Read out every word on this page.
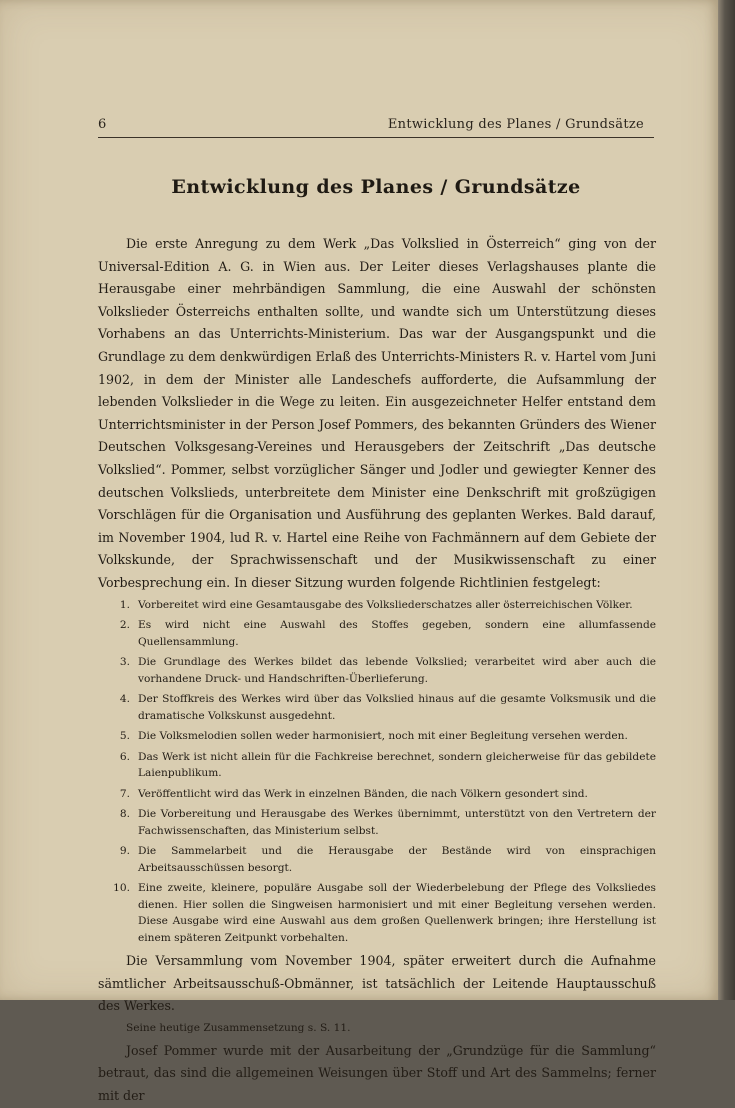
6	Entwicklung des Planes / Grundsätze
Entwicklung des Planes / Grundsätze

Die erste Anregung zu dem Werk „Das Volkslied in Österreich“ ging von der Universal-Edition A. G. in Wien aus. Der Leiter dieses Verlagshauses plante die Herausgabe einer mehrbändigen Sammlung, die eine Auswahl der schönsten Volkslieder Österreichs enthalten sollte, und wandte sich um Unterstützung dieses Vorhabens an das Unterrichts-Ministerium. Das war der Ausgangspunkt und die Grundlage zu dem denkwürdigen Erlaß des Unterrichts-Ministers R. v. Hartel vom Juni 1902, in dem der Minister alle Landeschefs aufforderte, die Aufsammlung der lebenden Volkslieder in die Wege zu leiten. Ein ausgezeichneter Helfer entstand dem Unterrichtsminister in der Person Josef Pommers, des bekannten Gründers des Wiener Deutschen Volksgesang-Vereines und Herausgebers der Zeitschrift „Das deutsche Volkslied“. Pommer, selbst vorzüglicher Sänger und Jodler und gewiegter Kenner des deutschen Volkslieds, unterbreitete dem Minister eine Denkschrift mit großzügigen Vorschlägen für die Organisation und Ausführung des geplanten Werkes. Bald darauf, im November 1904, lud R. v. Hartel eine Reihe von Fachmännern auf dem Gebiete der Volkskunde, der Sprachwissenschaft und der Musikwissenschaft zu einer Vorbesprechung ein. In dieser Sitzung wurden folgende Richtlinien festgelegt:

1. Vorbereitet wird eine Gesamtausgabe des Volksliederschatzes aller österreichischen Völker.
2. Es wird nicht eine Auswahl des Stoffes gegeben, sondern eine allumfassende Quellensammlung.
3. Die Grundlage des Werkes bildet das lebende Volkslied; verarbeitet wird aber auch die vorhandene Druck- und Handschriften-Überlieferung.
4. Der Stoffkreis des Werkes wird über das Volkslied hinaus auf die gesamte Volksmusik und die dramatische Volkskunst ausgedehnt.
5. Die Volksmelodien sollen weder harmonisiert, noch mit einer Begleitung versehen werden.
6. Das Werk ist nicht allein für die Fachkreise berechnet, sondern gleicherweise für das gebildete Laienpublikum.
7. Veröffentlicht wird das Werk in einzelnen Bänden, die nach Völkern gesondert sind.
8. Die Vorbereitung und Herausgabe des Werkes übernimmt, unterstützt von den Vertretern der Fachwissenschaften, das Ministerium selbst.
9. Die Sammelarbeit und die Herausgabe der Bestände wird von einsprachigen Arbeitsausschüssen besorgt.
10. Eine zweite, kleinere, populäre Ausgabe soll der Wiederbelebung der Pflege des Volksliedes dienen. Hier sollen die Singweisen harmonisiert und mit einer Begleitung versehen werden. Diese Ausgabe wird eine Auswahl aus dem großen Quellenwerk bringen; ihre Herstellung ist einem späteren Zeitpunkt vorbehalten.

Die Versammlung vom November 1904, später erweitert durch die Aufnahme sämtlicher Arbeitsausschuß-Obmänner, ist tatsächlich der Leitende Hauptausschuß des Werkes.

Seine heutige Zusammensetzung s. S. 11.

Josef Pommer wurde mit der Ausarbeitung der „Grundzüge für die Sammlung“ betraut, das sind die allgemeinen Weisungen über Stoff und Art des Sammelns; ferner mit der
